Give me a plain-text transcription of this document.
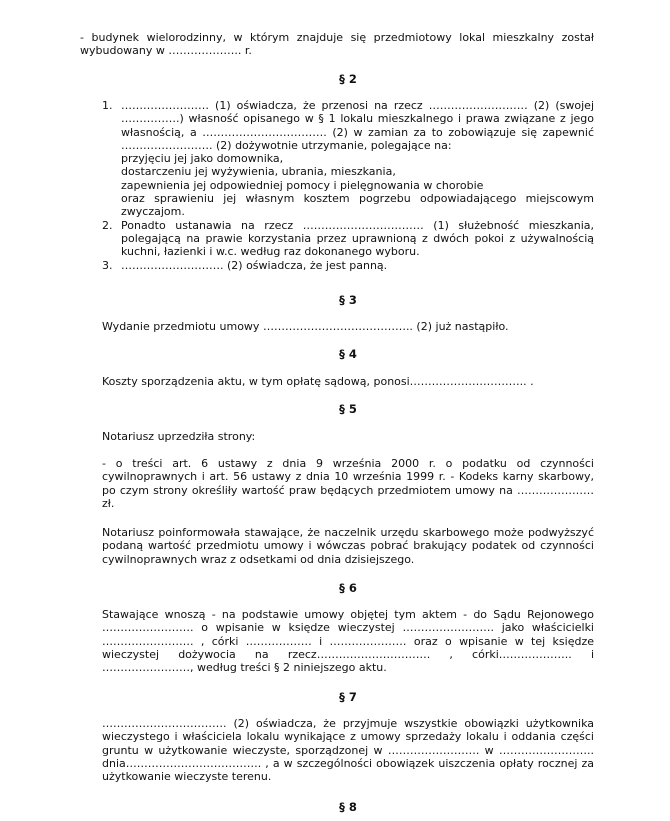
- budynek wielorodzinny, w którym znajduje się przedmiotowy lokal mieszkalny został wybudowany w ……………….. r.
§ 2
1. …………………… (1) oświadcza, że przenosi na rzecz ……………………… (2) (swojej …………….) własność opisanego w § 1 lokalu mieszkalnego i prawa związane z jego własnością, a ……………………………. (2) w zamian za to zobowiązuje się zapewnić ……………………. (2) dożywotnie utrzymanie, polegające na:
przyjęciu jej jako domownika,
dostarczeniu jej wyżywienia, ubrania, mieszkania,
zapewnienia jej odpowiedniej pomocy i pielęgnowania w chorobie
oraz sprawieniu jej własnym kosztem pogrzebu odpowiadającego miejscowym zwyczajom.
2. Ponadto ustanawia na rzecz …………………………… (1) służebność mieszkania, polegającą na prawie korzystania przez uprawnioną z dwóch pokoi z używalnością kuchni, łazienki i w.c. według raz dokonanego wyboru.
3. ………………………. (2) oświadcza, że jest panną.
§ 3
Wydanie przedmiotu umowy ………………………………….. (2) już nastąpiło.
§ 4
Koszty sporządzenia aktu, w tym opłatę sądową, ponosi………………………….. .
§ 5
Notariusz uprzedziła strony:
- o treści art. 6 ustawy z dnia 9 września 2000 r. o podatku od czynności cywilnoprawnych i art. 56 ustawy z dnia 10 września 1999 r. - Kodeks karny skarbowy, po czym strony określiły wartość praw będących przedmiotem umowy na ………………… zł.
Notariusz poinformowała stawające, że naczelnik urzędu skarbowego może podwyższyć podaną wartość przedmiotu umowy i wówczas pobrać brakujący podatek od czynności cywilnoprawnych wraz z odsetkami od dnia dzisiejszego.
§ 6
Stawające wnoszą - na podstawie umowy objętej tym aktem - do Sądu Rejonowego ……………………. o wpisanie w księdze wieczystej ……………………. jako właścicielki ……………………. , córki ……………… i ………………… oraz o wpisanie w tej księdze wieczystej dożywocia na rzecz…………………………. , córki……………….. i ……………………, według treści § 2 niniejszego aktu.
§ 7
……………………………. (2) oświadcza, że przyjmuje wszystkie obowiązki użytkownika wieczystego i właściciela lokalu wynikające z umowy sprzedaży lokalu i oddania części gruntu w użytkowanie wieczyste, sporządzonej w ……………………. w …………………….. dnia………………………………. , a w szczególności obowiązek uiszczenia opłaty rocznej za użytkowanie wieczyste terenu.
§ 8
